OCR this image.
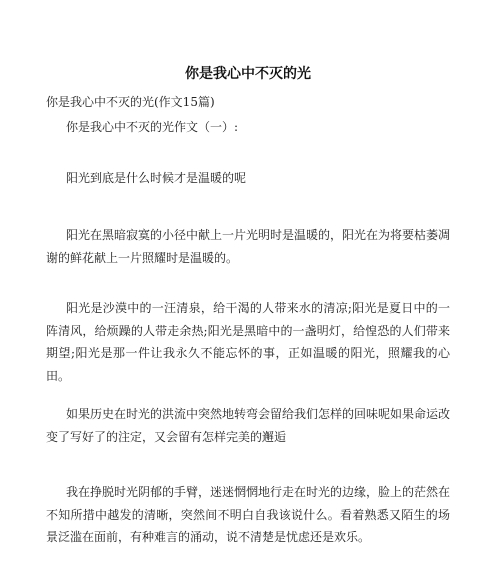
你是我心中不灭的光
你是我心中不灭的光(作文15篇)
你是我心中不灭的光作文（一）:
阳光到底是什么时候才是温暖的呢
阳光在黑暗寂寞的小径中献上一片光明时是温暖的，阳光在为将要枯萎凋谢的鲜花献上一片照耀时是温暖的。
阳光是沙漠中的一汪清泉，给干渴的人带来水的清凉;阳光是夏日中的一阵清风，给烦躁的人带走余热;阳光是黑暗中的一盏明灯，给惶恐的人们带来期望;阳光是那一件让我永久不能忘怀的事，正如温暖的阳光，照耀我的心田。
如果历史在时光的洪流中突然地转弯会留给我们怎样的回味呢如果命运改变了写好了的注定，又会留有怎样完美的邂逅
我在挣脱时光阴郁的手臂，迷迷惘惘地行走在时光的边缘，脸上的茫然在不知所措中越发的清晰，突然间不明白自我该说什么。看着熟悉又陌生的场景泛滥在面前，有种难言的涌动，说不清楚是忧虑还是欢乐。
